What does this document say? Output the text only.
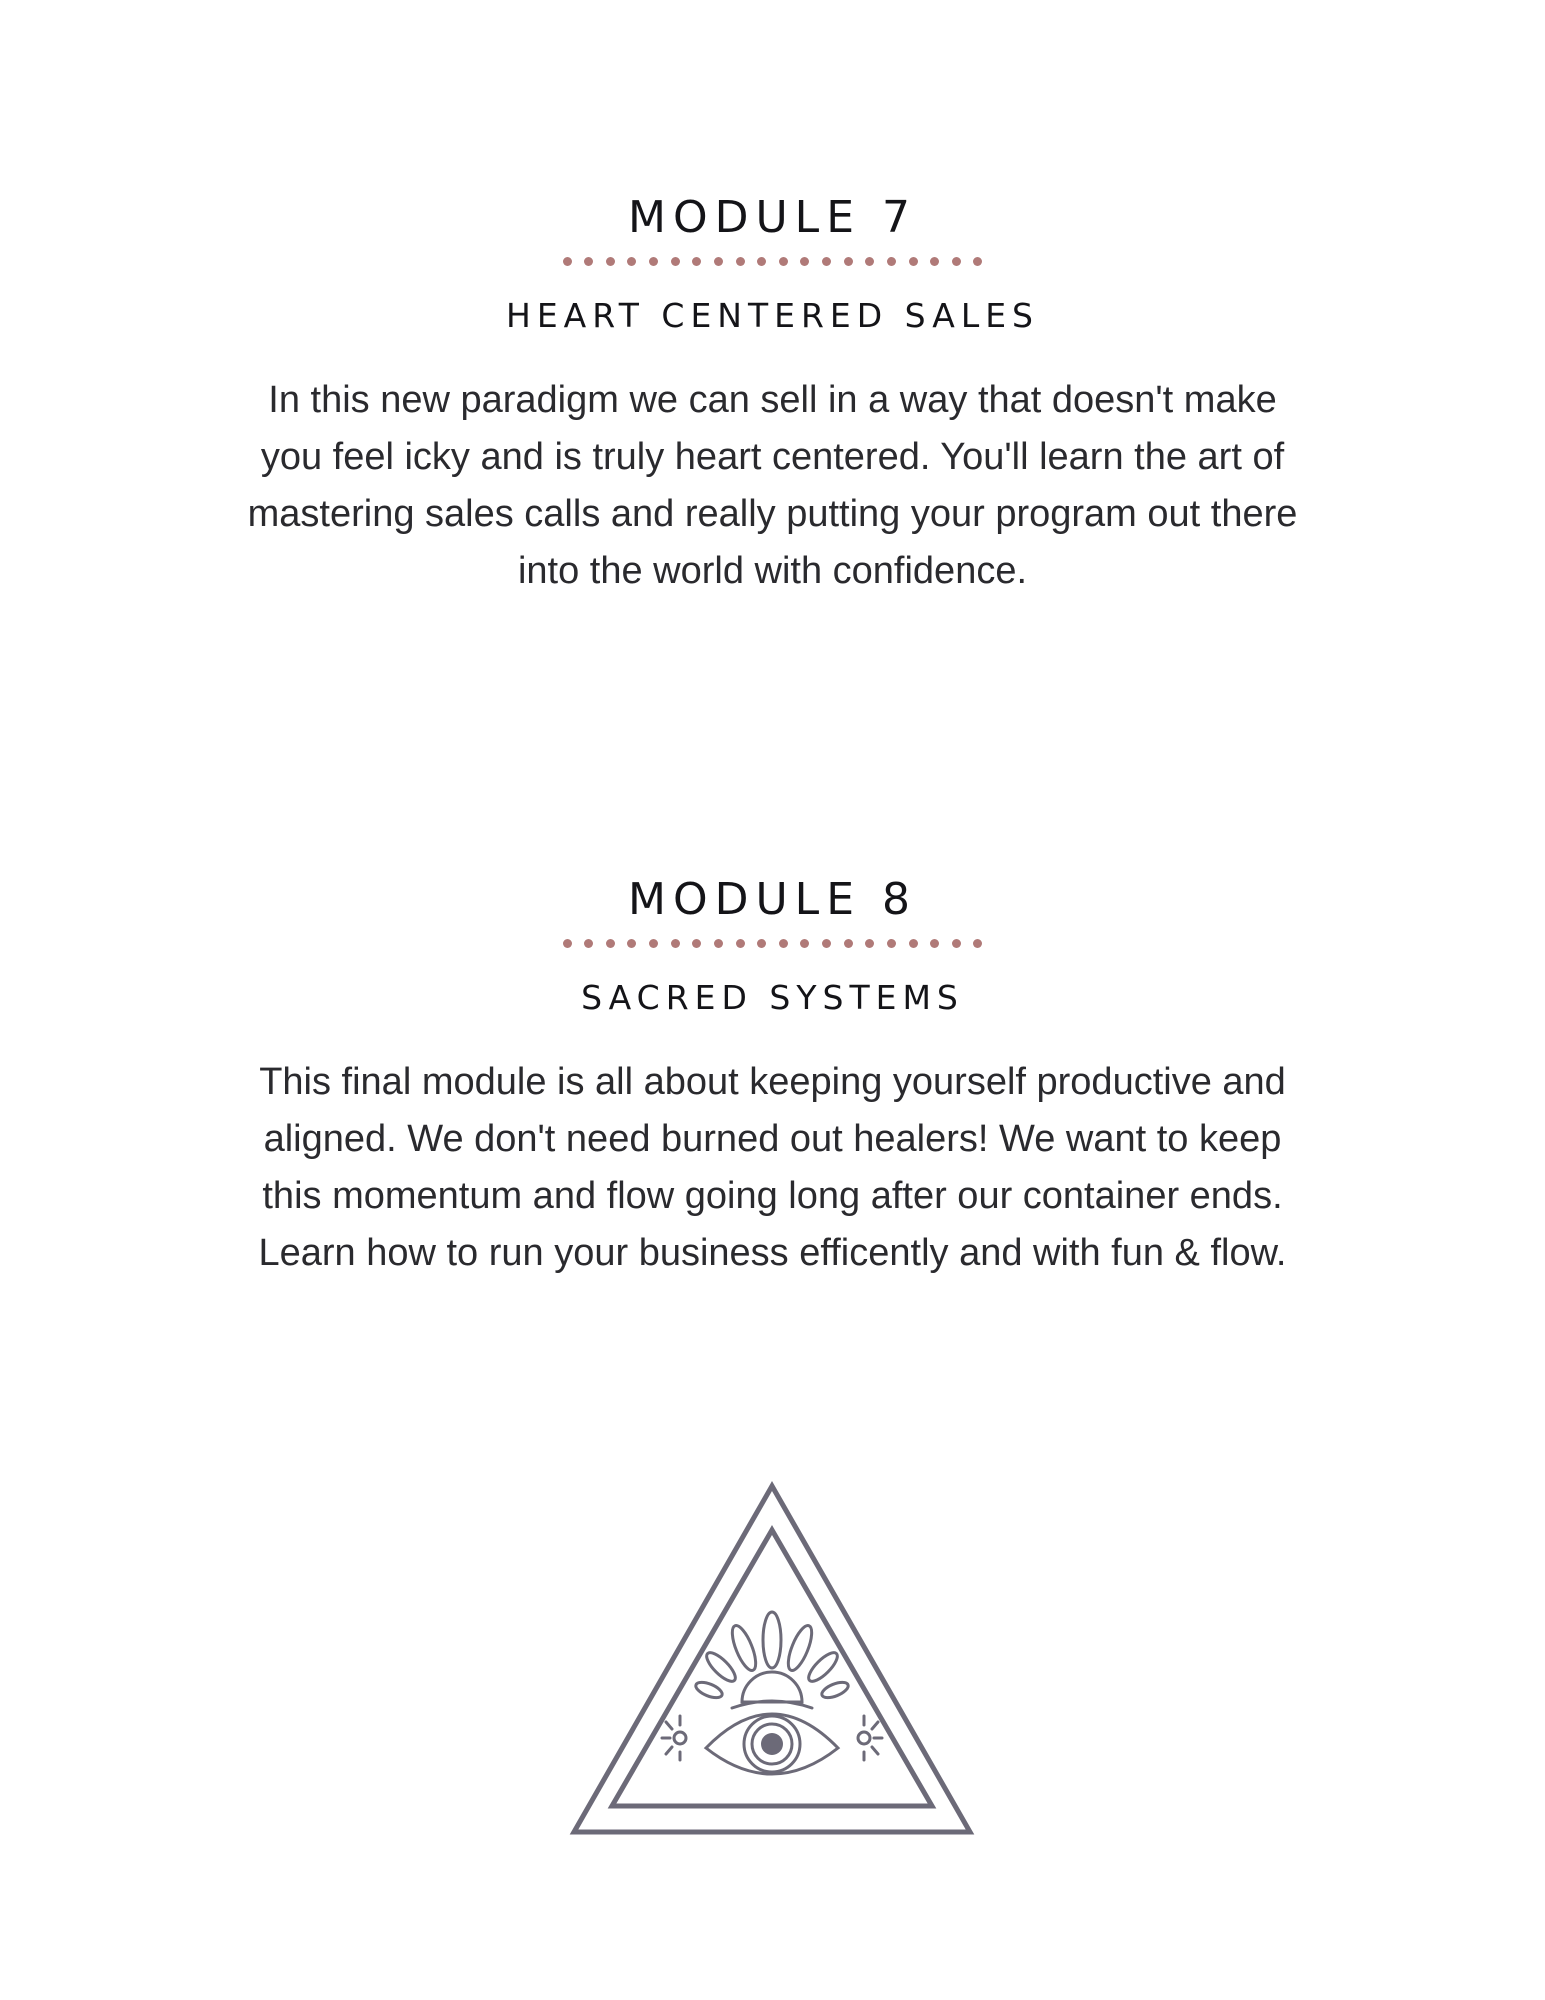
MODULE 7
HEART CENTERED SALES

In this new paradigm we can sell in a way that doesn't make you feel icky and is truly heart centered. You'll learn the art of mastering sales calls and really putting your program out there into the world with confidence.

MODULE 8
SACRED SYSTEMS

This final module is all about keeping yourself productive and aligned. We don't need burned out healers! We want to keep this momentum and flow going long after our container ends. Learn how to run your business efficently and with fun & flow.
